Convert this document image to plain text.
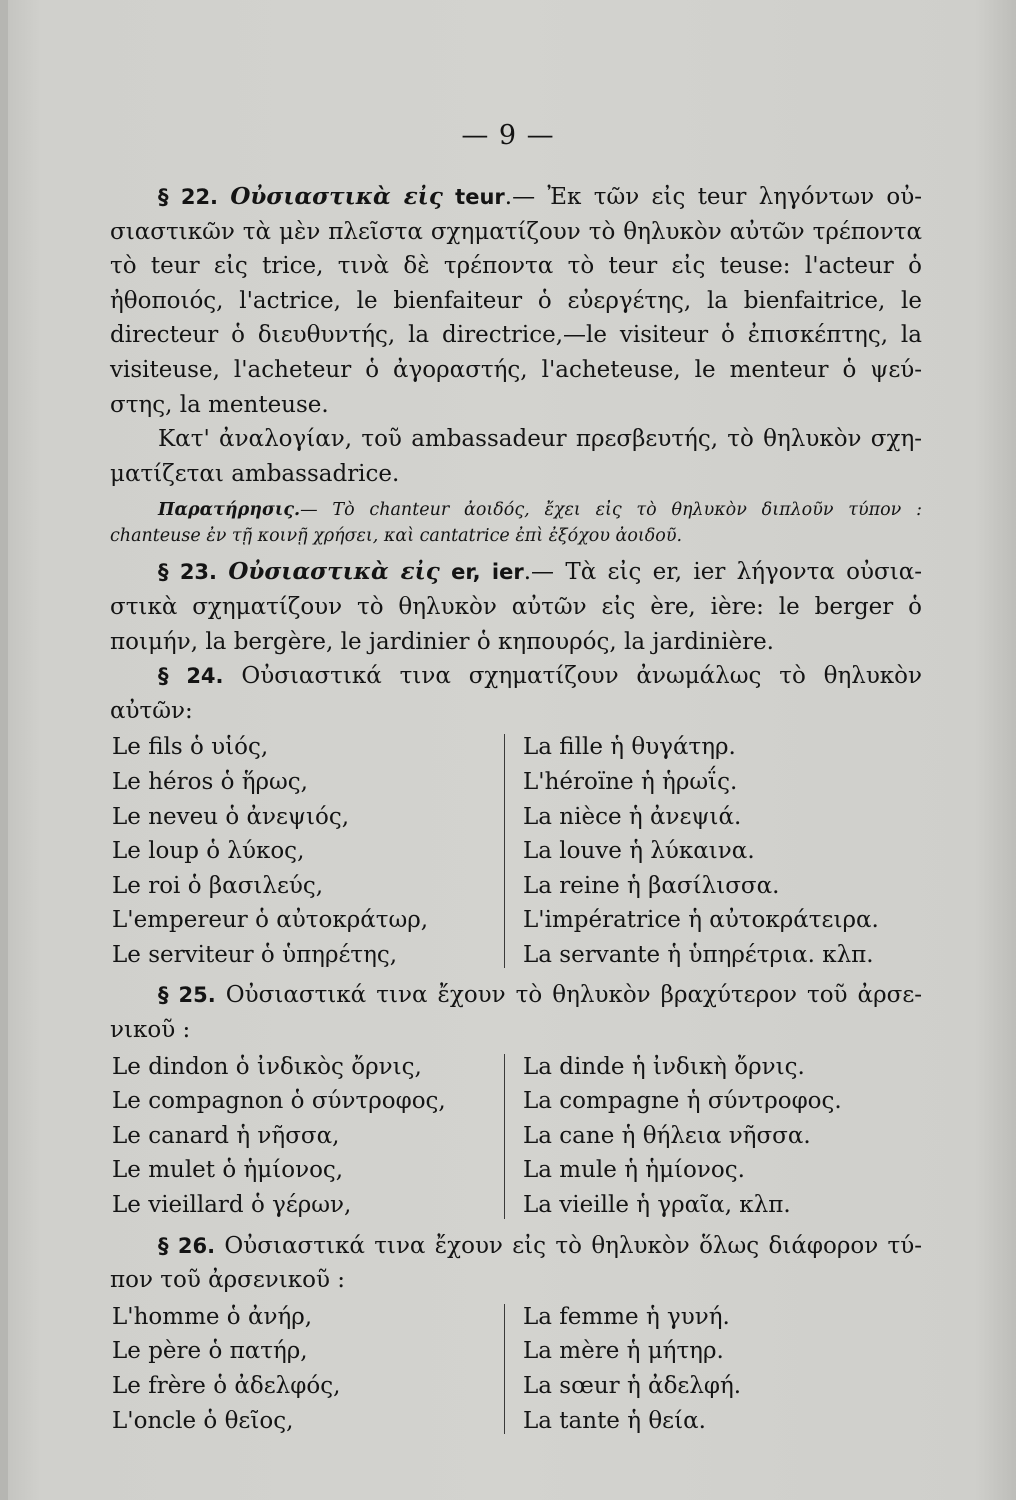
— 9 —

§ 22. Οὐσιαστικὰ εἰς teur.— Ἐκ τῶν εἰς teur ληγόντων οὐ-

σιαστικῶν τὰ μὲν πλεῖστα σχηματίζουν τὸ θηλυκὸν αὐτῶν τρέποντα

τὸ teur εἰς trice, τινὰ δὲ τρέποντα τὸ teur εἰς teuse: l'acteur ὁ

ἠθοποιός, l'actrice, le bienfaiteur ὁ εὐεργέτης, la bienfaitrice, le

directeur ὁ διευθυντής, la directrice,—le visiteur ὁ ἐπισκέπτης, la

visiteuse, l'acheteur ὁ ἀγοραστής, l'acheteuse, le menteur ὁ ψεύ-

στης, la menteuse.

Κατ' ἀναλογίαν, τοῦ ambassadeur πρεσβευτής, τὸ θηλυκὸν σχη-

ματίζεται ambassadrice.

Παρατήρησις.— Τὸ chanteur ἀοιδός, ἔχει εἰς τὸ θηλυκὸν διπλοῦν τύπον :
chanteuse ἐν τῇ κοινῇ χρήσει, καὶ cantatrice ἐπὶ ἐξόχου ἀοιδοῦ.

§ 23. Οὐσιαστικὰ εἰς er, ier.— Τὰ εἰς er, ier λήγοντα οὐσια-

στικὰ σχηματίζουν τὸ θηλυκὸν αὐτῶν εἰς ère, ière: le berger ὁ

ποιμήν, la bergère, le jardinier ὁ κηπουρός, la jardinière.

§ 24. Οὐσιαστικά τινα σχηματίζουν ἀνωμάλως τὸ θηλυκὸν αὐτῶν:

Le fils ὁ υἱός,
Le héros ὁ ἥρως,
Le neveu ὁ ἀνεψιός,
Le loup ὁ λύκος,
Le roi ὁ βασιλεύς,
L'empereur ὁ αὐτοκράτωρ,
Le serviteur ὁ ὑπηρέτης,
La fille ἡ θυγάτηρ.
L'héroïne ἡ ἡρωΐς.
La nièce ἡ ἀνεψιά.
La louve ἡ λύκαινα.
La reine ἡ βασίλισσα.
L'impératrice ἡ αὐτοκράτειρα.
La servante ἡ ὑπηρέτρια. κλπ.

§ 25. Οὐσιαστικά τινα ἔχουν τὸ θηλυκὸν βραχύτερον τοῦ ἀρσε-

νικοῦ :

Le dindon ὁ ἰνδικὸς ὄρνις,
Le compagnon ὁ σύντροφος,
Le canard ἡ νῆσσα,
Le mulet ὁ ἡμίονος,
Le vieillard ὁ γέρων,
La dinde ἡ ἰνδικὴ ὄρνις.
La compagne ἡ σύντροφος.
La cane ἡ θήλεια νῆσσα.
La mule ἡ ἡμίονος.
La vieille ἡ γραῖα, κλπ.

§ 26. Οὐσιαστικά τινα ἔχουν εἰς τὸ θηλυκὸν ὅλως διάφορον τύ-

πον τοῦ ἀρσενικοῦ :

L'homme ὁ ἀνήρ,
Le père ὁ πατήρ,
Le frère ὁ ἀδελφός,
L'oncle ὁ θεῖος,
La femme ἡ γυνή.
La mère ἡ μήτηρ.
La sœur ἡ ἀδελφή.
La tante ἡ θεία.
